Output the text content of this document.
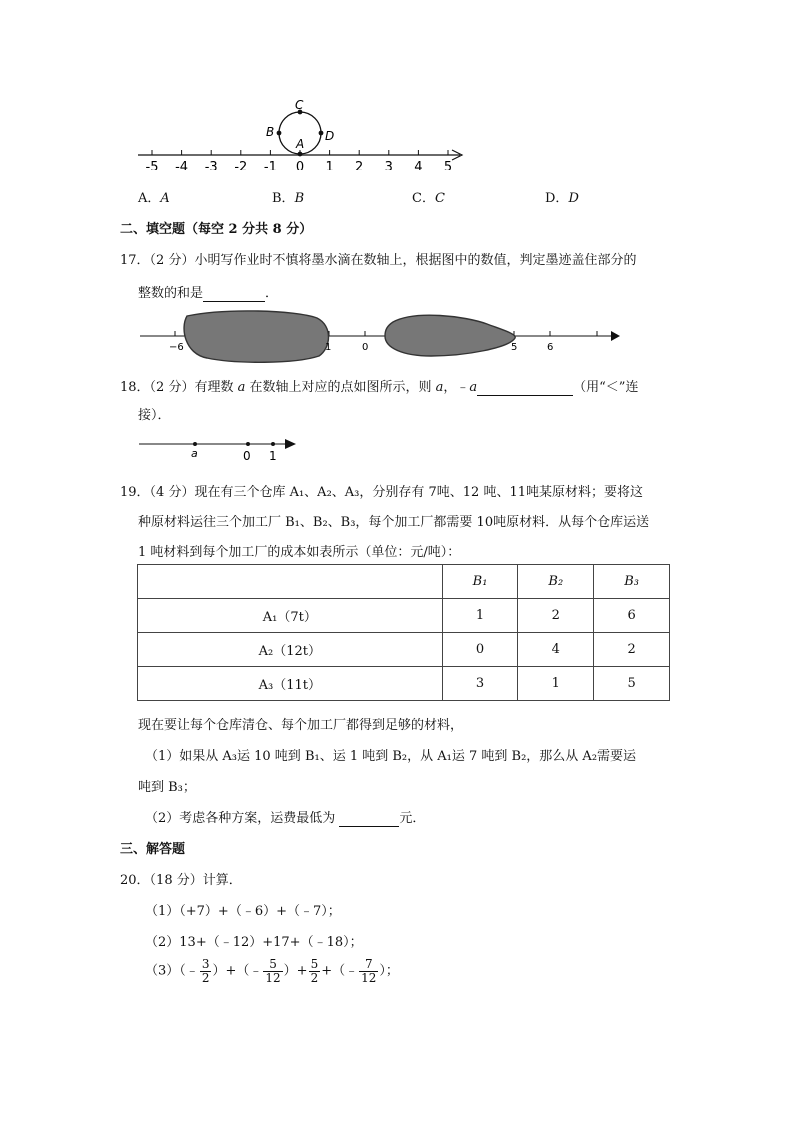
-5 -4 -3 -2 -1 0 1 2 3 4 5
C
B	D
A
A．A	B．B	C．C	D．D
二、填空题（每空 2 分共 8 分）
17．（2 分）小明写作业时不慎将墨水滴在数轴上，根据图中的数值，判定墨迹盖住部分的
整数的和是	．
−6	1	0	5	6
18．（2 分）有理数 a 在数轴上对应的点如图所示，则 a，﹣a	（用“＜”连
接）．
a	0 1
19．（4 分）现在有三个仓库 A₁、A₂、A₃，分别存有 7吨、12 吨、11吨某原材料；要将这
种原材料运往三个加工厂 B₁、B₂、B₃，每个加工厂都需要 10吨原材料．从每个仓库运送
1 吨材料到每个加工厂的成本如表所示（单位：元/吨）：
	B₁	B₂	B₃
A₁（7t）	1	2	6
A₂（12t）	0	4	2
A₃（11t）	3	1	5
现在要让每个仓库清仓、每个加工厂都得到足够的材料，
（1）如果从 A₃运 10 吨到 B₁、运 1 吨到 B₂，从 A₁运 7 吨到 B₂，那么从 A₂需要运
吨到 B₃；
（2）考虑各种方案，运费最低为	元．
三、解答题
20．（18 分）计算．
（1）（+7）+（﹣6）+（﹣7）；
（2）13+（﹣12）+17+（﹣18）；
（3）（﹣ $\frac{3}{2}$ ）+（﹣ $\frac{5}{12}$ ）+ $\frac{5}{2}$ +（﹣ $\frac{7}{12}$ ）；
